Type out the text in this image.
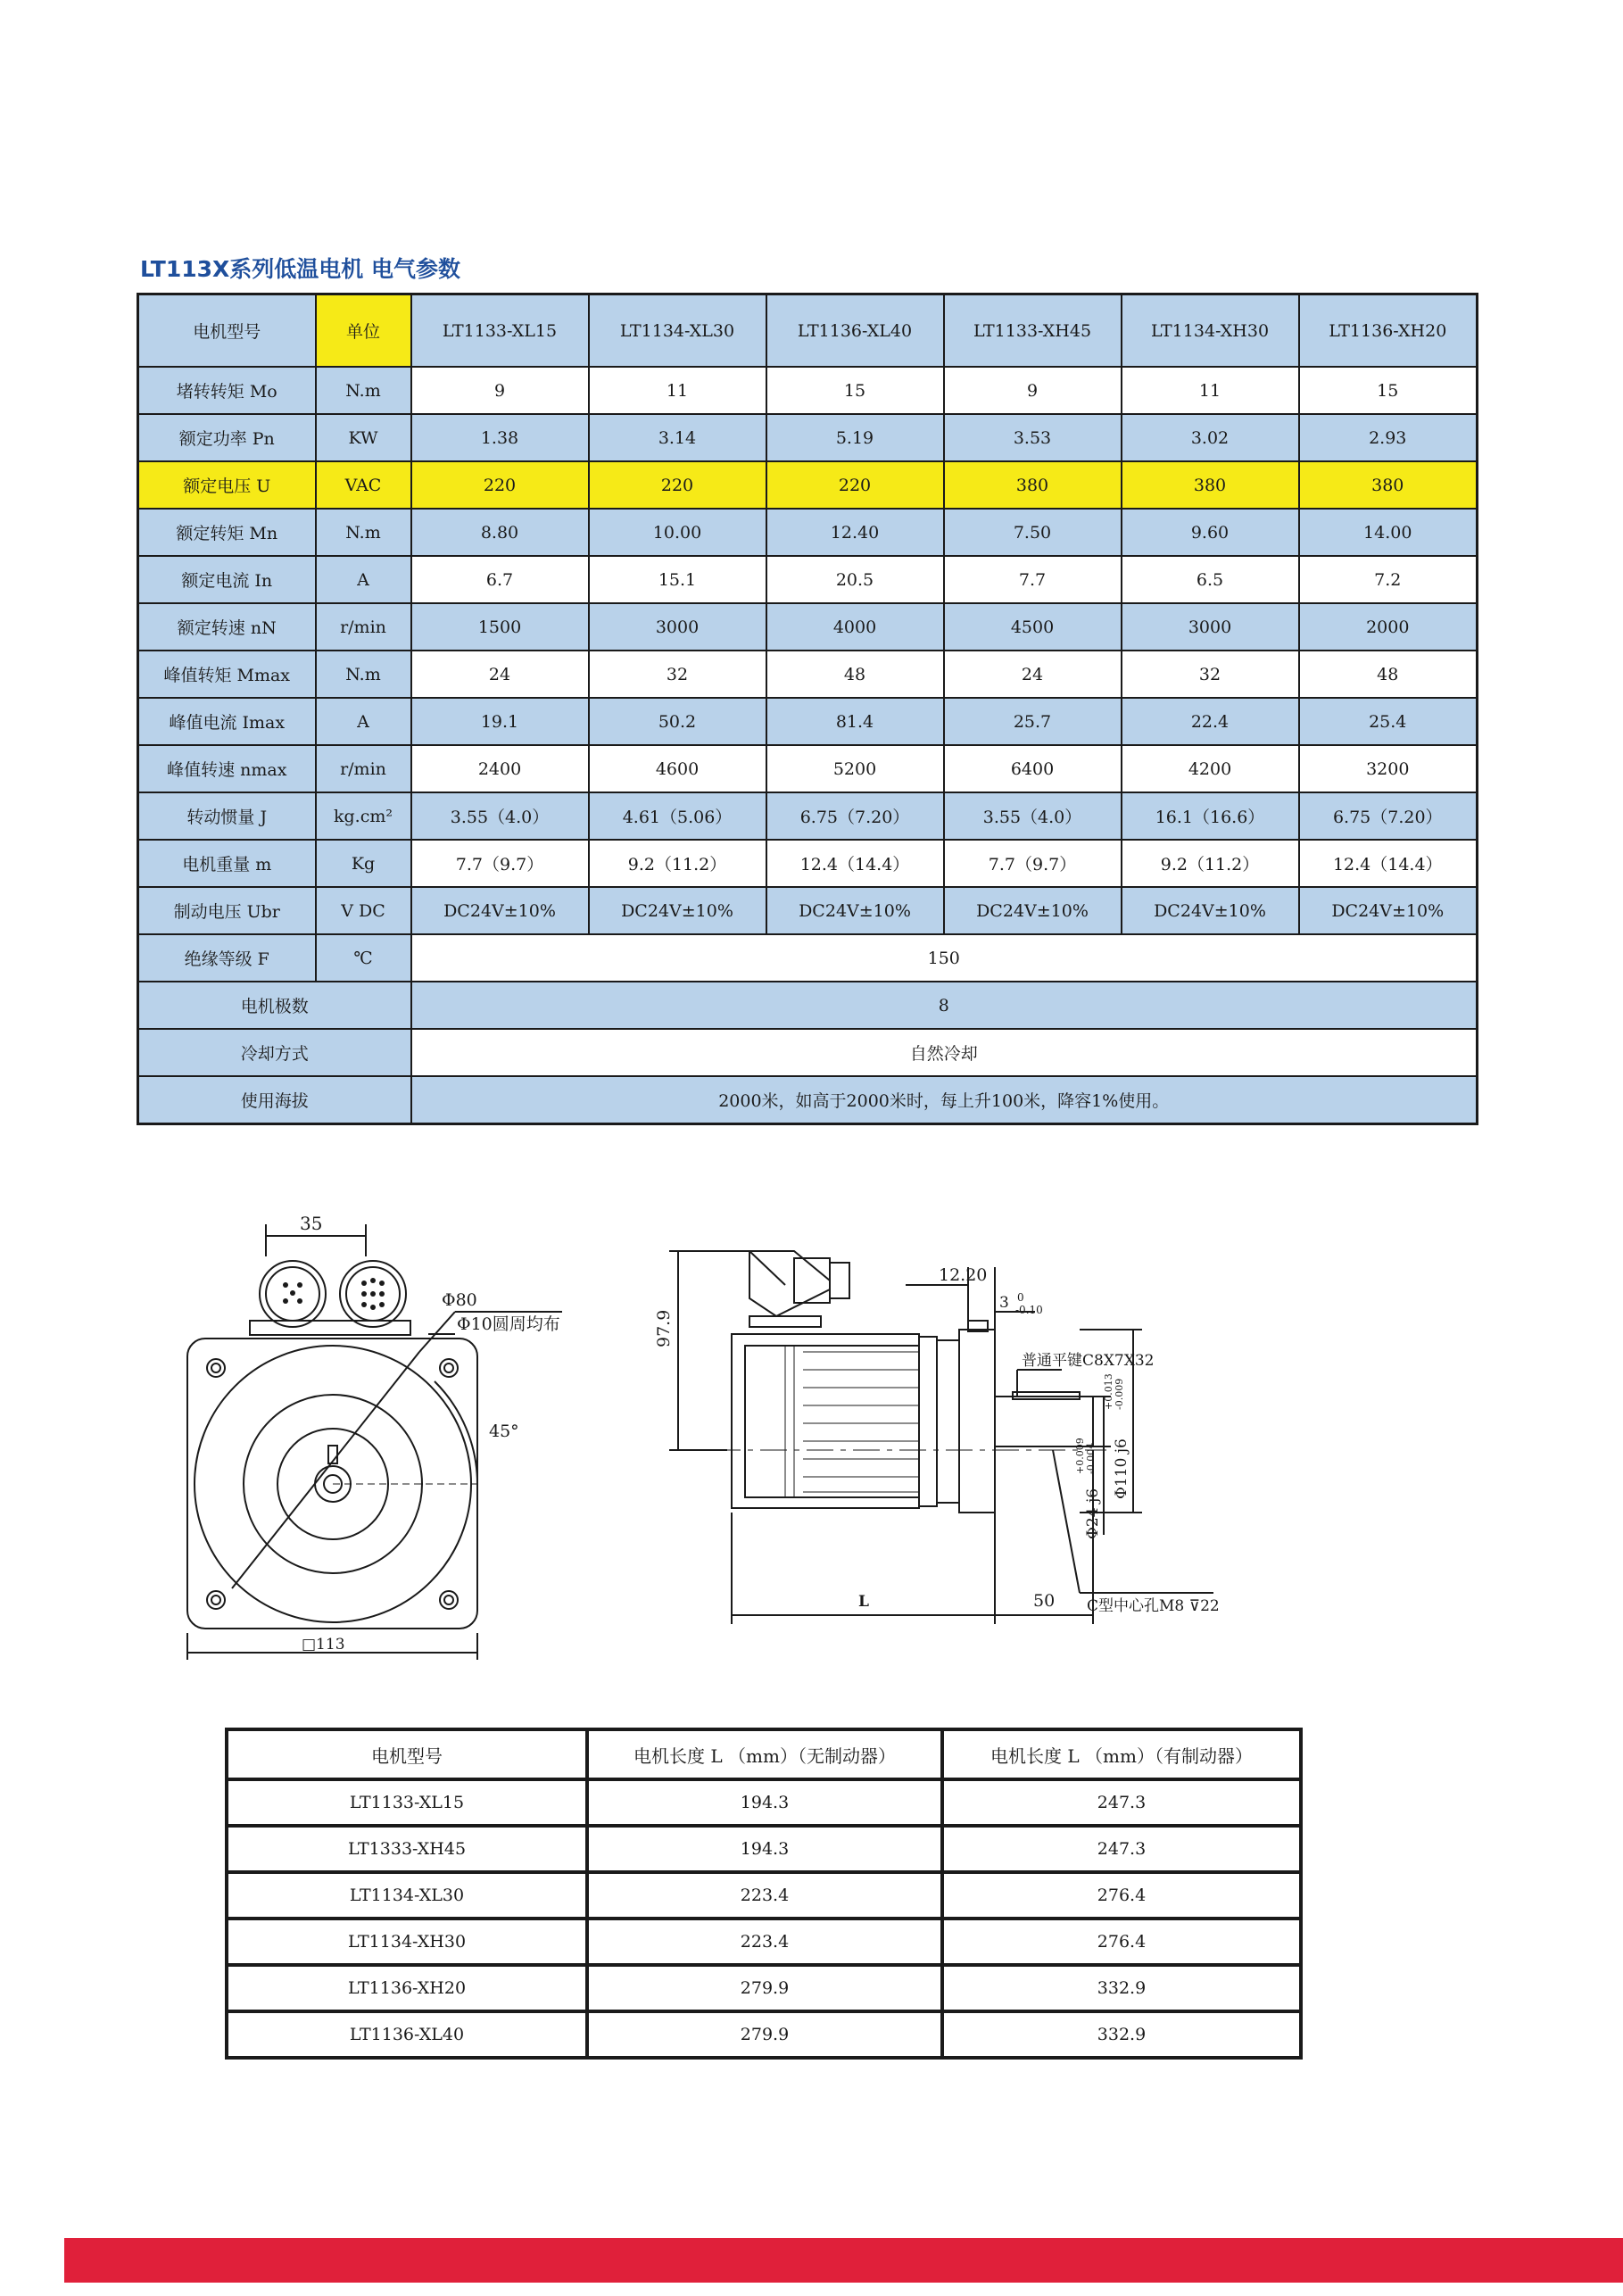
LT113X系列低温电机 电气参数
电机型号	单位	LT1133-XL15	LT1134-XL30	LT1136-XL40	LT1133-XH45	LT1134-XH30	LT1136-XH20
堵转转矩 Mo	N.m	9	11	15	9	11	15
额定功率 Pn	KW	1.38	3.14	5.19	3.53	3.02	2.93
额定电压 U	VAC	220	220	220	380	380	380
额定转矩 Mn	N.m	8.80	10.00	12.40	7.50	9.60	14.00
额定电流 In	A	6.7	15.1	20.5	7.7	6.5	7.2
额定转速 nN	r/min	1500	3000	4000	4500	3000	2000
峰值转矩 Mmax	N.m	24	32	48	24	32	48
峰值电流 Imax	A	19.1	50.2	81.4	25.7	22.4	25.4
峰值转速 nmax	r/min	2400	4600	5200	6400	4200	3200
转动惯量 J	kg.cm²	3.55（4.0）	4.61（5.06）	6.75（7.20）	3.55（4.0）	16.1（16.6）	6.75（7.20）
电机重量 m	Kg	7.7（9.7）	9.2（11.2）	12.4（14.4）	7.7（9.7）	9.2（11.2）	12.4（14.4）
制动电压 Ubr	V DC	DC24V±10%	DC24V±10%	DC24V±10%	DC24V±10%	DC24V±10%	DC24V±10%
绝缘等级 F	℃	150					
电机极数		8					
冷却方式		自然冷却					
使用海拔		2000米，如高于2000米时，每上升100米，降容1%使用。					
35
Φ80
Φ10圆周均布
45°
□113
97.9
12.20
3 0
-0.10
普通平键C8X7X32
Φ110 j6
+0.013 -0.009
Φ24 j6
+0.009 -0.004
C型中心孔M8 ⊽22
L	50
电机型号	电机长度 L （mm）（无制动器）	电机长度 L （mm）（有制动器）
LT1133-XL15	194.3	247.3
LT1333-XH45	194.3	247.3
LT1134-XL30	223.4	276.4
LT1134-XH30	223.4	276.4
LT1136-XH20	279.9	332.9
LT1136-XL40	279.9	332.9
